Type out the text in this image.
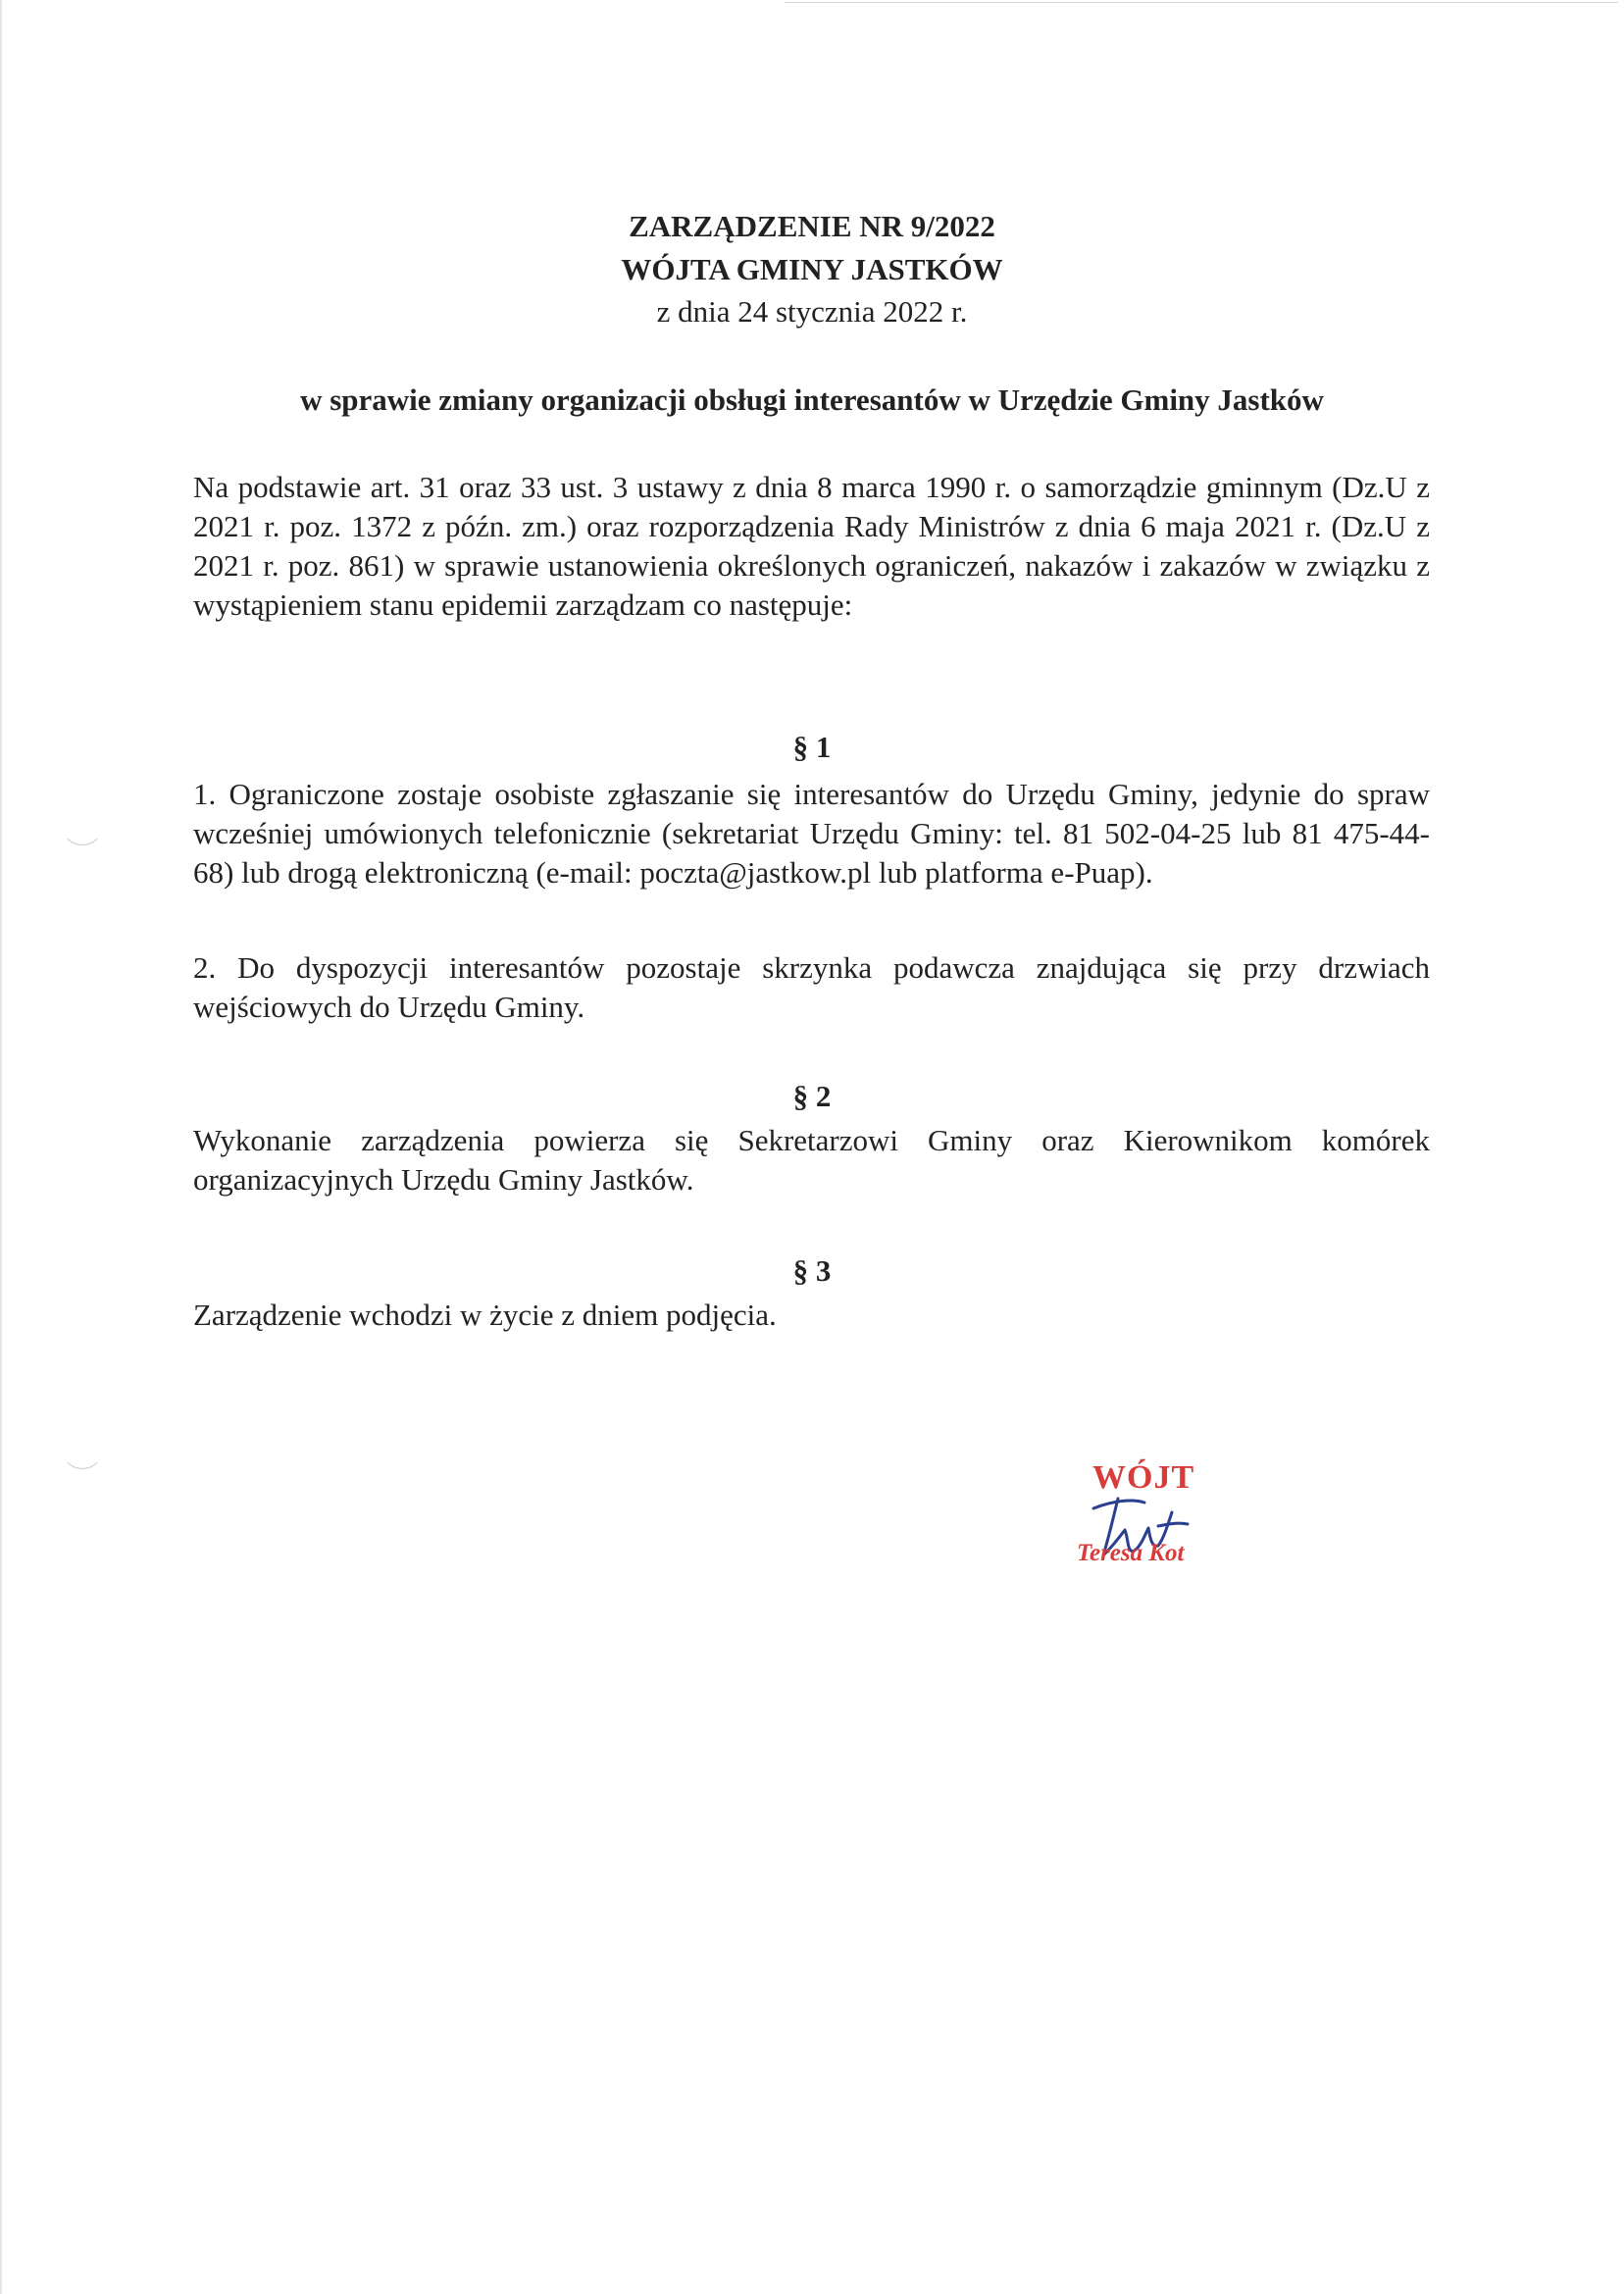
ZARZĄDZENIE NR 9/2022
WÓJTA GMINY JASTKÓW
z dnia 24 stycznia 2022 r.
w sprawie zmiany organizacji obsługi interesantów w Urzędzie Gminy Jastków
Na podstawie art. 31 oraz 33 ust. 3 ustawy z dnia 8 marca 1990 r. o samorządzie gminnym (Dz.U z 2021 r. poz. 1372 z późn. zm.) oraz rozporządzenia Rady Ministrów z dnia 6 maja 2021 r. (Dz.U z 2021 r. poz. 861) w sprawie ustanowienia określonych ograniczeń, nakazów i zakazów w związku z wystąpieniem stanu epidemii zarządzam co następuje:
§ 1
1. Ograniczone zostaje osobiste zgłaszanie się interesantów do Urzędu Gminy, jedynie do spraw wcześniej umówionych telefonicznie (sekretariat Urzędu Gminy: tel. 81 502-04-25 lub 81 475-44-68) lub drogą elektroniczną (e-mail: poczta@jastkow.pl lub platforma e-Puap).
2. Do dyspozycji interesantów pozostaje skrzynka podawcza znajdująca się przy drzwiach wejściowych do Urzędu Gminy.
§ 2
Wykonanie zarządzenia powierza się Sekretarzowi Gminy oraz Kierownikom komórek organizacyjnych Urzędu Gminy Jastków.
§ 3
Zarządzenie wchodzi w życie z dniem podjęcia.
WÓJT
Teresa Kot
